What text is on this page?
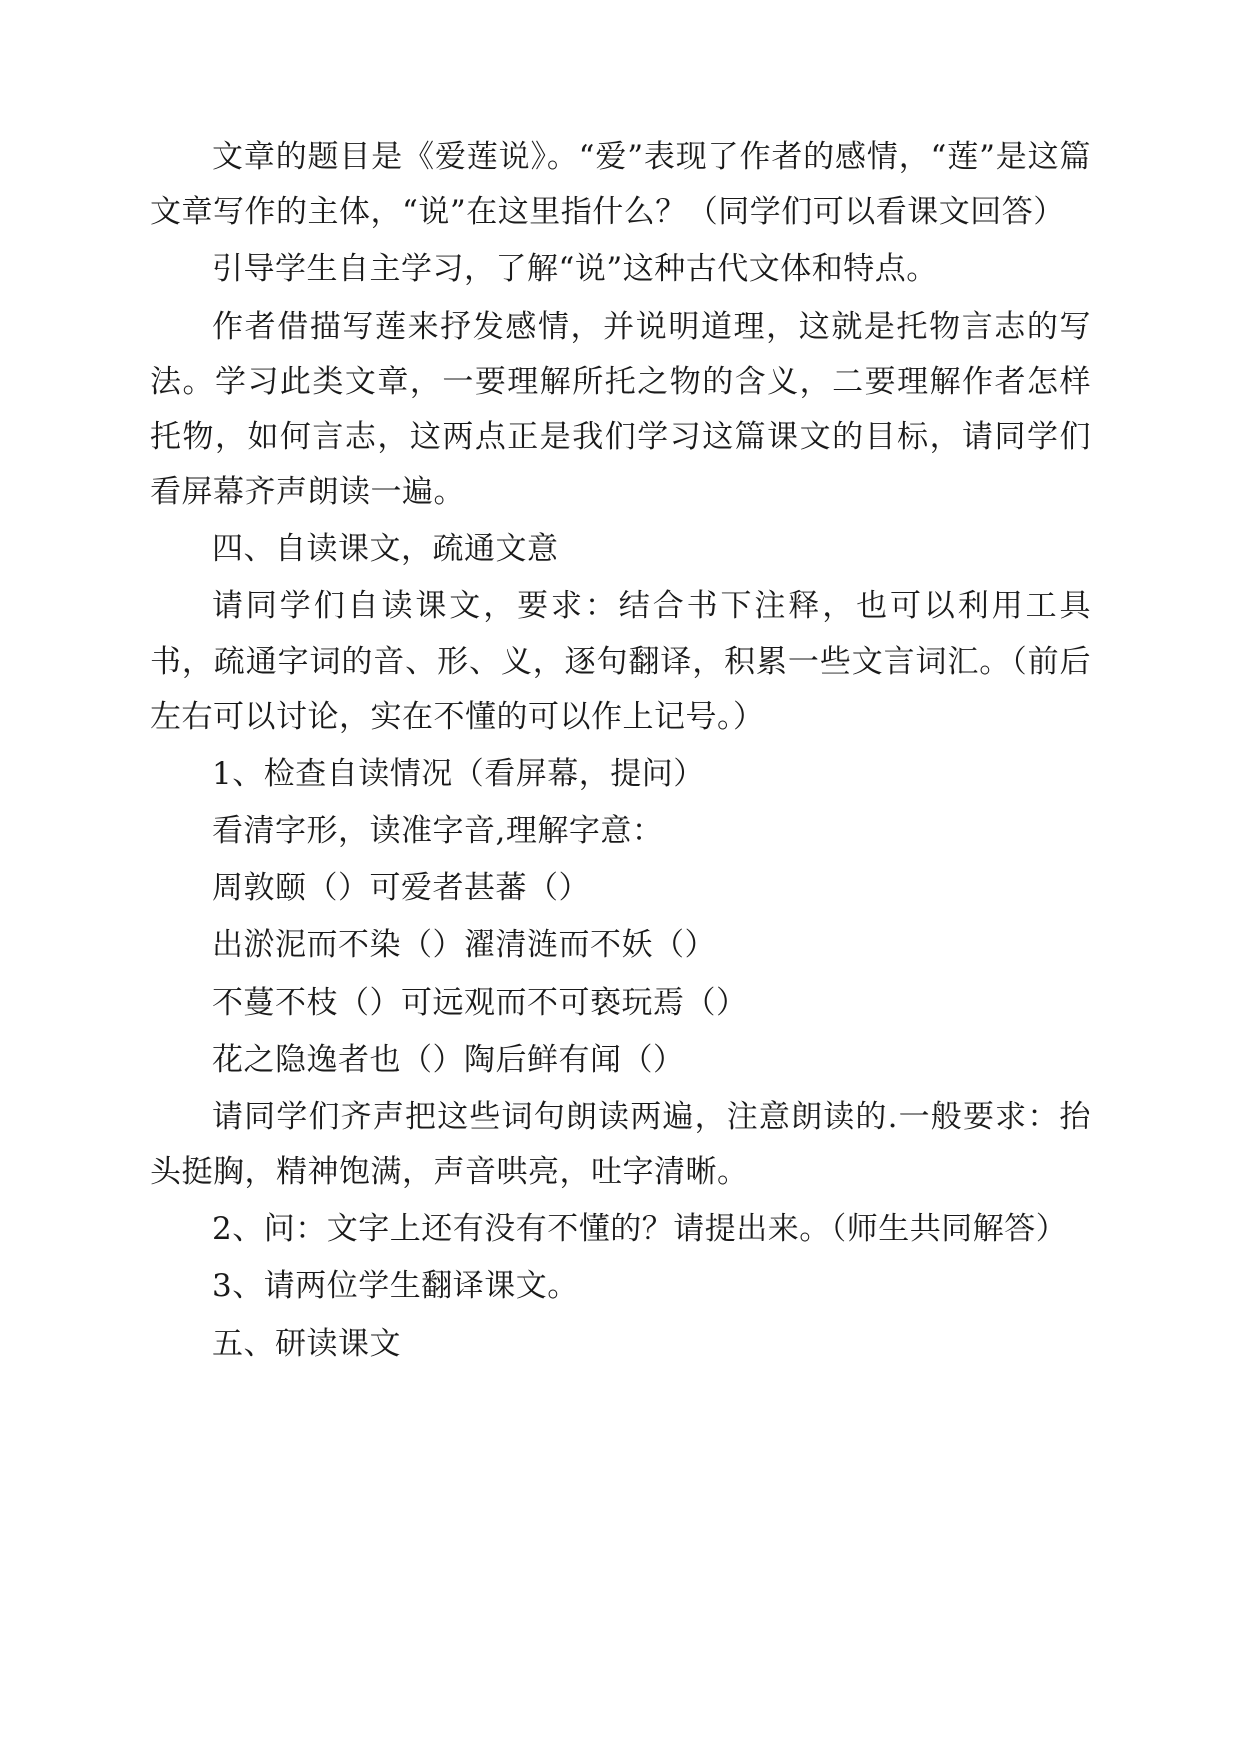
文章的题目是《爱莲说》。“爱”表现了作者的感情，“莲”是这篇文章写作的主体，“说”在这里指什么？（同学们可以看课文回答）

引导学生自主学习，了解“说”这种古代文体和特点。

作者借描写莲来抒发感情，并说明道理，这就是托物言志的写法。学习此类文章，一要理解所托之物的含义，二要理解作者怎样托物，如何言志，这两点正是我们学习这篇课文的目标，请同学们看屏幕齐声朗读一遍。

四、自读课文，疏通文意

请同学们自读课文，要求：结合书下注释，也可以利用工具书，疏通字词的音、形、义，逐句翻译，积累一些文言词汇。（前后左右可以讨论，实在不懂的可以作上记号。）

1、检查自读情况（看屏幕，提问）

看清字形，读准字音,理解字意：

周敦颐（）可爱者甚蕃（）

出淤泥而不染（）濯清涟而不妖（）

不蔓不枝（）可远观而不可亵玩焉（）

花之隐逸者也（）陶后鲜有闻（）

请同学们齐声把这些词句朗读两遍，注意朗读的.一般要求：抬头挺胸，精神饱满，声音哄亮，吐字清晰。

2、问：文字上还有没有不懂的？请提出来。（师生共同解答）

3、请两位学生翻译课文。

五、研读课文
